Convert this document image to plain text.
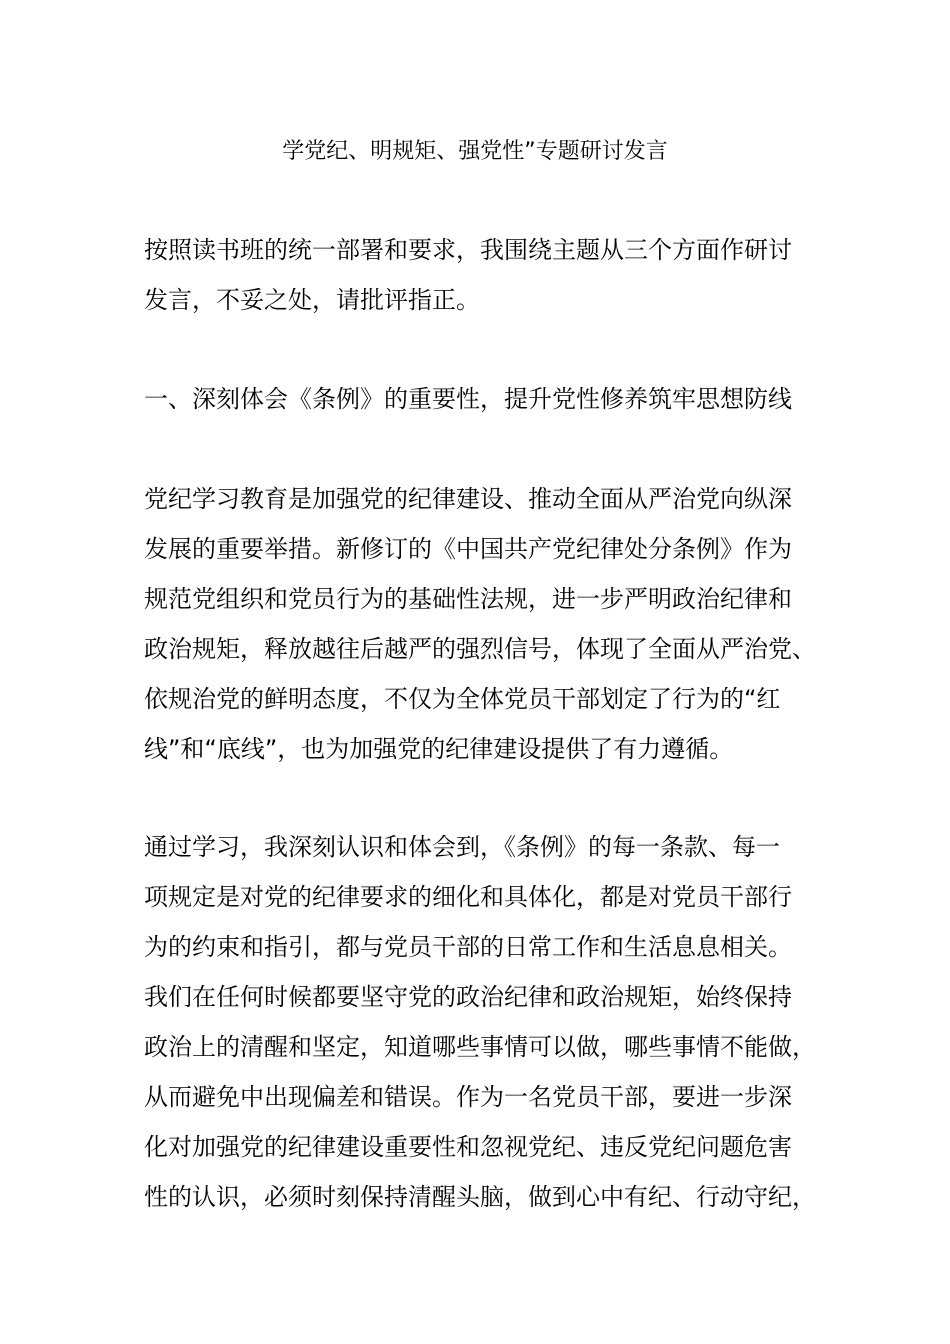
学党纪、明规矩、强党性”专题研讨发言

按照读书班的统一部署和要求，我围绕主题从三个方面作研讨

发言，不妥之处，请批评指正。

一、深刻体会《条例》的重要性，提升党性修养筑牢思想防线

党纪学习教育是加强党的纪律建设、推动全面从严治党向纵深

发展的重要举措。新修订的《中国共产党纪律处分条例》作为

规范党组织和党员行为的基础性法规，进一步严明政治纪律和

政治规矩，释放越往后越严的强烈信号，体现了全面从严治党、

依规治党的鲜明态度，不仅为全体党员干部划定了行为的“红

线”和“底线”，也为加强党的纪律建设提供了有力遵循。

通过学习，我深刻认识和体会到，《条例》的每一条款、每一

项规定是对党的纪律要求的细化和具体化，都是对党员干部行

为的约束和指引，都与党员干部的日常工作和生活息息相关。

我们在任何时候都要坚守党的政治纪律和政治规矩，始终保持

政治上的清醒和坚定，知道哪些事情可以做，哪些事情不能做，

从而避免中出现偏差和错误。作为一名党员干部，要进一步深

化对加强党的纪律建设重要性和忽视党纪、违反党纪问题危害

性的认识，必须时刻保持清醒头脑，做到心中有纪、行动守纪，
